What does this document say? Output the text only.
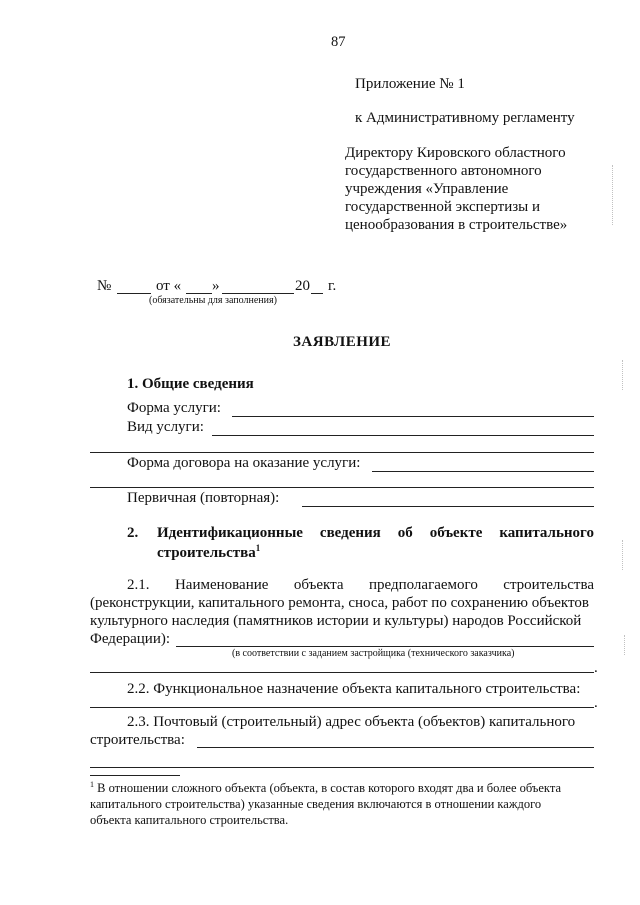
87
Приложение № 1
к Административному регламенту
Директору Кировского областного
государственного автономного
учреждения «Управление
государственной экспертизы и
ценообразования в строительстве»
№	от « »	20 г.
(обязательны для заполнения)
ЗАЯВЛЕНИЕ
1. Общие сведения
Форма услуги:
Вид услуги:
Форма договора на оказание услуги:
Первичная (повторная):
2. Идентификационные сведения об объекте капитального
строительства$^1$
2.1. Наименование объекта предполагаемого строительства
(реконструкции, капитального ремонта, сноса, работ по сохранению объектов
культурного наследия (памятников истории и культуры) народов Российской
Федерации):
(в соответствии с заданием застройщика (технического заказчика)
.
2.2. Функциональное назначение объекта капитального строительства:
.
2.3. Почтовый (строительный) адрес объекта (объектов) капитального
строительства:
$^1$ В отношении сложного объекта (объекта, в состав которого входят два и более объекта
капитального строительства) указанные сведения включаются в отношении каждого
объекта капитального строительства.
